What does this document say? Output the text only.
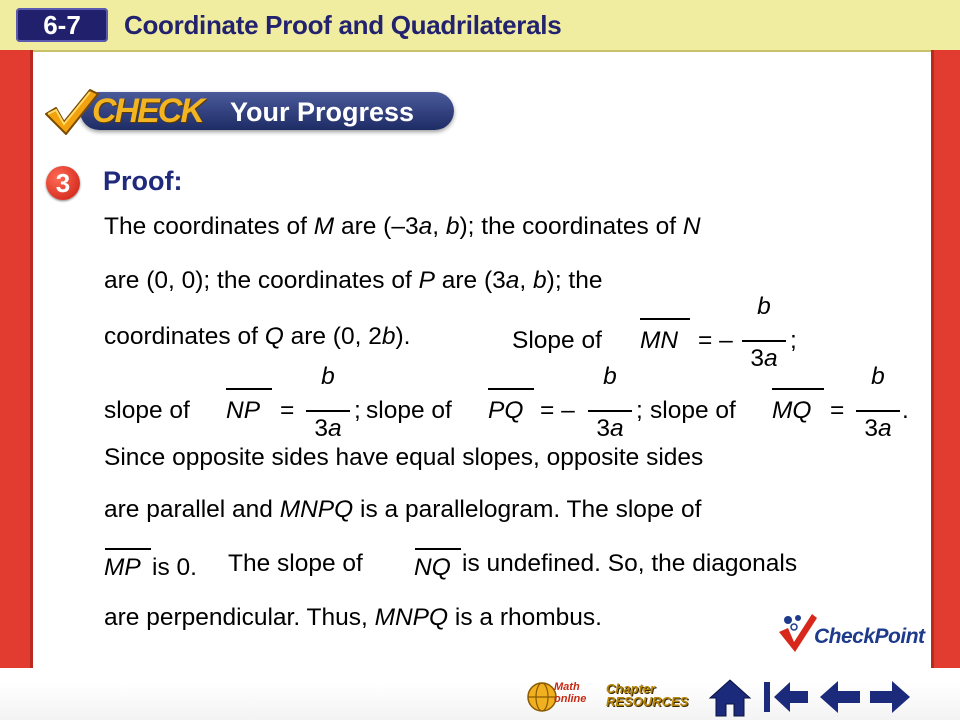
6-7	Coordinate Proof and Quadrilaterals
CHECK Your Progress
3	Proof:
The coordinates of M are (–3a, b); the coordinates of N
are (0, 0); the coordinates of P are (3a, b); the
coordinates of Q are (0, 2b).	Slope of MN = –
b
3a
;
slope of NP =
b
3a
; slope of PQ = –
b
3a
; slope of MQ =
b
3a
.
Since opposite sides have equal slopes, opposite sides
are parallel and MNPQ is a parallelogram. The slope of
MP is 0. The slope of NQ is undefined. So, the diagonals
are perpendicular. Thus, MNPQ is a rhombus.
CheckPoint
Math
online
Chapter
RESOURCES
